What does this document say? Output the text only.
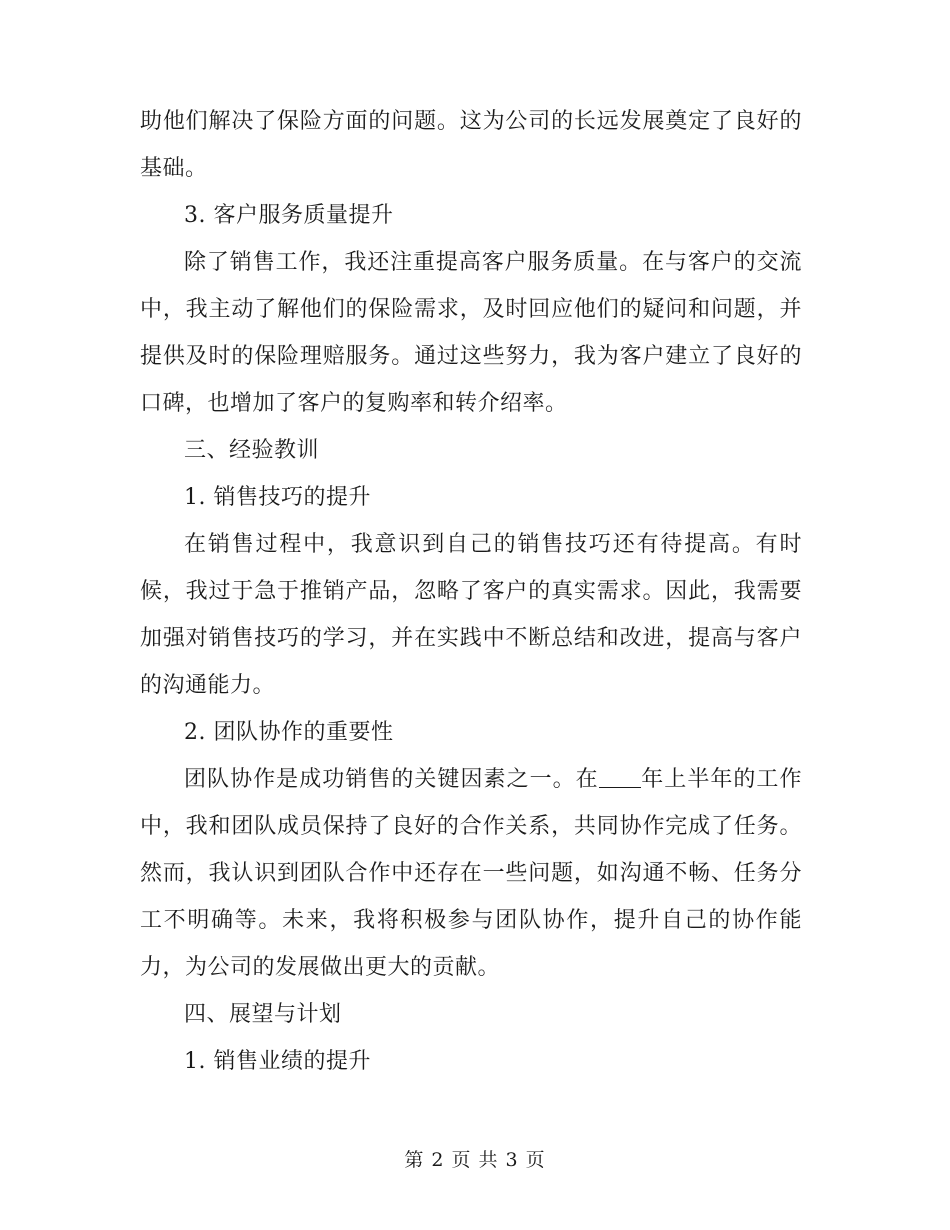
助他们解决了保险方面的问题。这为公司的长远发展奠定了良好的基础。

3. 客户服务质量提升

除了销售工作，我还注重提高客户服务质量。在与客户的交流中，我主动了解他们的保险需求，及时回应他们的疑问和问题，并提供及时的保险理赔服务。通过这些努力，我为客户建立了良好的口碑，也增加了客户的复购率和转介绍率。

三、经验教训

1. 销售技巧的提升

在销售过程中，我意识到自己的销售技巧还有待提高。有时候，我过于急于推销产品，忽略了客户的真实需求。因此，我需要加强对销售技巧的学习，并在实践中不断总结和改进，提高与客户的沟通能力。

2. 团队协作的重要性

团队协作是成功销售的关键因素之一。在 年上半年的工作中，我和团队成员保持了良好的合作关系，共同协作完成了任务。然而，我认识到团队合作中还存在一些问题，如沟通不畅、任务分工不明确等。未来，我将积极参与团队协作，提升自己的协作能力，为公司的发展做出更大的贡献。

四、展望与计划

1. 销售业绩的提升

第 2 页 共 3 页
